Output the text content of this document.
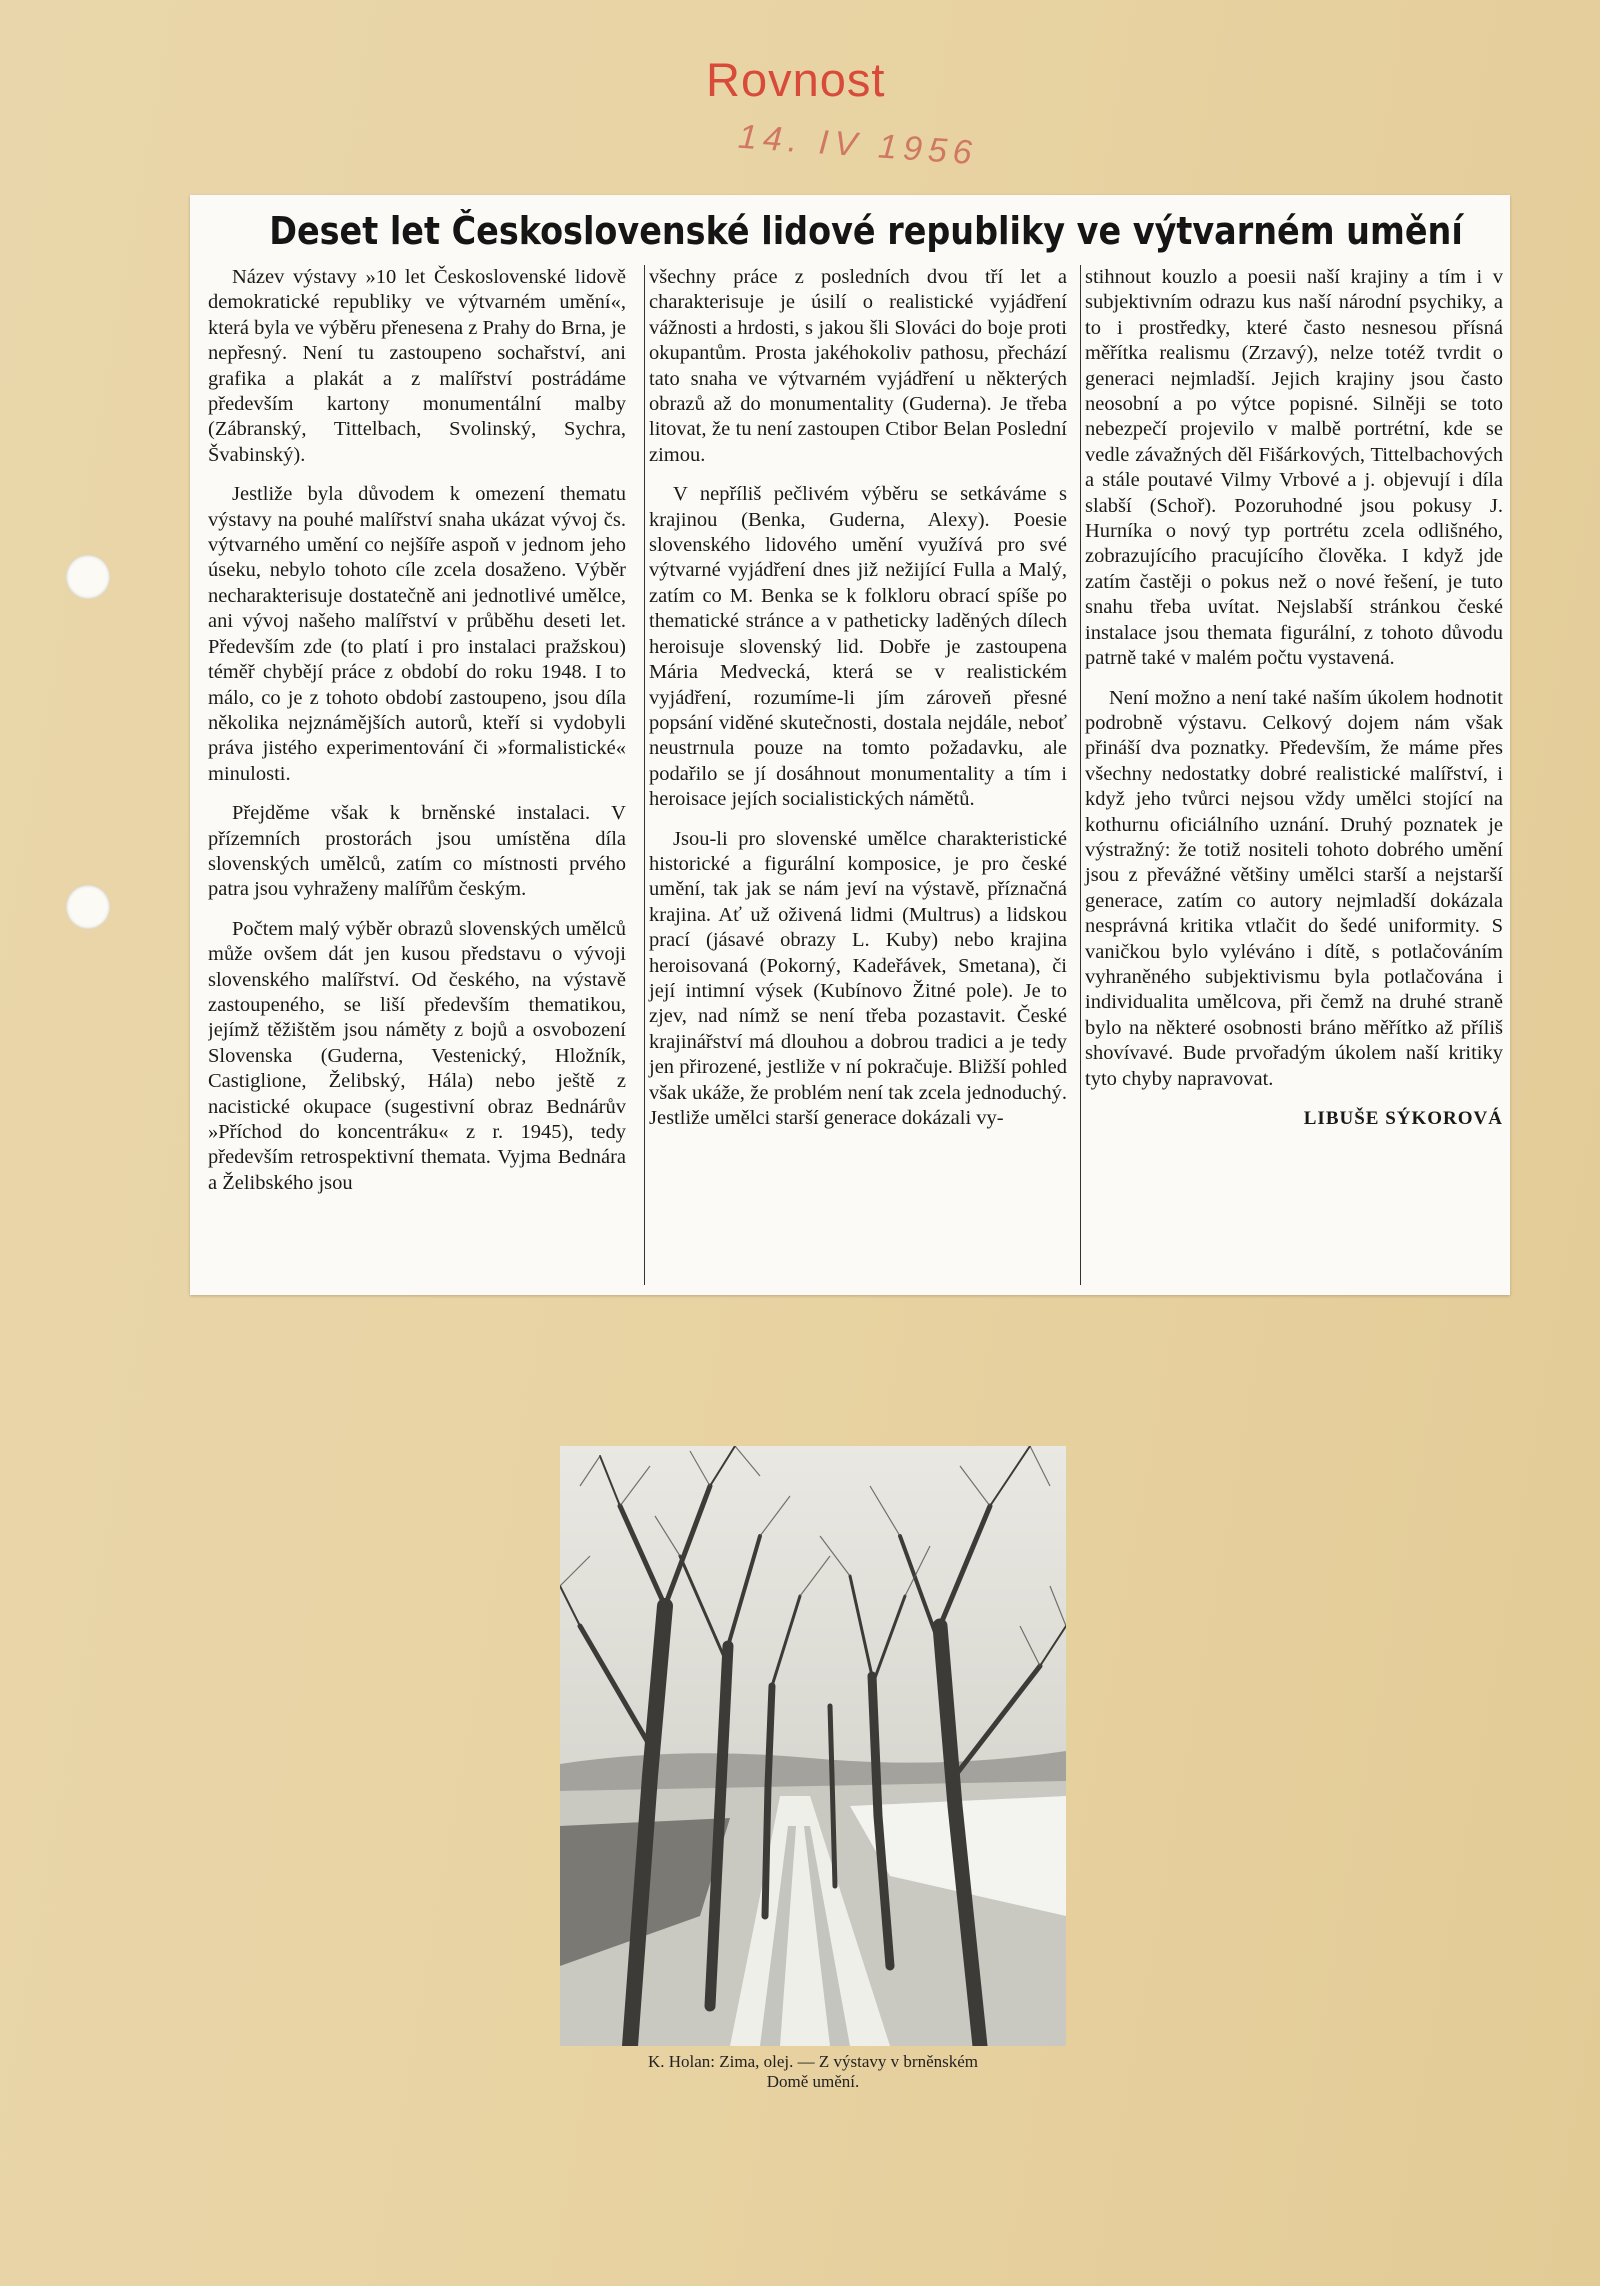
Rovnost
14. IV 1956
Deset let Československé lidové republiky ve výtvarném umění

Název výstavy »10 let Československé lidově demokratické republiky ve výtvarném umění«, která byla ve výběru přenesena z Prahy do Brna, je nepřesný. Není tu zastoupeno sochařství, ani grafika a plakát a z malířství postrádáme především kartony monumentální malby (Zábranský, Tittelbach, Svolinský, Sychra, Švabinský).

Jestliže byla důvodem k omezení thematu výstavy na pouhé malířství snaha ukázat vývoj čs. výtvarného umění co nejšíře aspoň v jednom jeho úseku, nebylo tohoto cíle zcela dosaženo. Výběr necharakterisuje dostatečně ani jednotlivé umělce, ani vývoj našeho malířství v průběhu deseti let. Především zde (to platí i pro instalaci pražskou) téměř chybějí práce z období do roku 1948. I to málo, co je z tohoto období zastoupeno, jsou díla několika nejznámějších autorů, kteří si vydobyli práva jistého experimentování či »formalistické« minulosti.

Přejděme však k brněnské instalaci. V přízemních prostorách jsou umístěna díla slovenských umělců, zatím co místnosti prvého patra jsou vyhraženy malířům českým.

Počtem malý výběr obrazů slovenských umělců může ovšem dát jen kusou představu o vývoji slovenského malířství. Od českého, na výstavě zastoupeného, se liší především thematikou, jejímž těžištěm jsou náměty z bojů a osvobození Slovenska (Guderna, Vestenický, Hložník, Castiglione, Želibský, Hála) nebo ještě z nacistické okupace (sugestivní obraz Bednárův »Příchod do koncentráku« z r. 1945), tedy především retrospektivní themata. Vyjma Bednára a Želibského jsou

všechny práce z posledních dvou tří let a charakterisuje je úsilí o realistické vyjádření vážnosti a hrdosti, s jakou šli Slováci do boje proti okupantům. Prosta jakéhokoliv pathosu, přechází tato snaha ve výtvarném vyjádření u některých obrazů až do monumentality (Guderna). Je třeba litovat, že tu není zastoupen Ctibor Belan Poslední zimou.

V nepříliš pečlivém výběru se setkáváme s krajinou (Benka, Guderna, Alexy). Poesie slovenského lidového umění využívá pro své výtvarné vyjádření dnes již nežijící Fulla a Malý, zatím co M. Benka se k folkloru obrací spíše po thematické stránce a v patheticky laděných dílech heroisuje slovenský lid. Dobře je zastoupena Mária Medvecká, která se v realistickém vyjádření, rozumíme-li jím zároveň přesné popsání viděné skutečnosti, dostala nejdále, neboť neustrnula pouze na tomto požadavku, ale podařilo se jí dosáhnout monumentality a tím i heroisace jejích socialistických námětů.

Jsou-li pro slovenské umělce charakteristické historické a figurální komposice, je pro české umění, tak jak se nám jeví na výstavě, příznačná krajina. Ať už oživená lidmi (Multrus) a lidskou prací (jásavé obrazy L. Kuby) nebo krajina heroisovaná (Pokorný, Kadeřávek, Smetana), či její intimní výsek (Kubínovo Žitné pole). Je to zjev, nad nímž se není třeba pozastavit. České krajinářství má dlouhou a dobrou tradici a je tedy jen přirozené, jestliže v ní pokračuje. Bližší pohled však ukáže, že problém není tak zcela jednoduchý. Jestliže umělci starší generace dokázali vy-

stihnout kouzlo a poesii naší krajiny a tím i v subjektivním odrazu kus naší národní psychiky, a to i prostředky, které často nesnesou přísná měřítka realismu (Zrzavý), nelze totéž tvrdit o generaci nejmladší. Jejich krajiny jsou často neosobní a po výtce popisné. Silněji se toto nebezpečí projevilo v malbě portrétní, kde se vedle závažných děl Fišárkových, Tittelbachových a stále poutavé Vilmy Vrbové a j. objevují i díla slabší (Schoř). Pozoruhodné jsou pokusy J. Hurníka o nový typ portrétu zcela odlišného, zobrazujícího pracujícího člověka. I když jde zatím častěji o pokus než o nové řešení, je tuto snahu třeba uvítat. Nejslabší stránkou české instalace jsou themata figurální, z tohoto důvodu patrně také v malém počtu vystavená.

Není možno a není také naším úkolem hodnotit podrobně výstavu. Celkový dojem nám však přináší dva poznatky. Především, že máme přes všechny nedostatky dobré realistické malířství, i když jeho tvůrci nejsou vždy umělci stojící na kothurnu oficiálního uznání. Druhý poznatek je výstražný: že totiž nositeli tohoto dobrého umění jsou z převážné většiny umělci starší a nejstarší generace, zatím co autory nejmladší dokázala nesprávná kritika vtlačit do šedé uniformity. S vaničkou bylo vyléváno i dítě, s potlačováním vyhraněného subjektivismu byla potlačována i individualita umělcova, při čemž na druhé straně bylo na některé osobnosti bráno měřítko až příliš shovívavé. Bude prvořadým úkolem naší kritiky tyto chyby napravovat.

LIBUŠE SÝKOROVÁ
K. Holan: Zima, olej. — Z výstavy v brněnském
Domě umění.
